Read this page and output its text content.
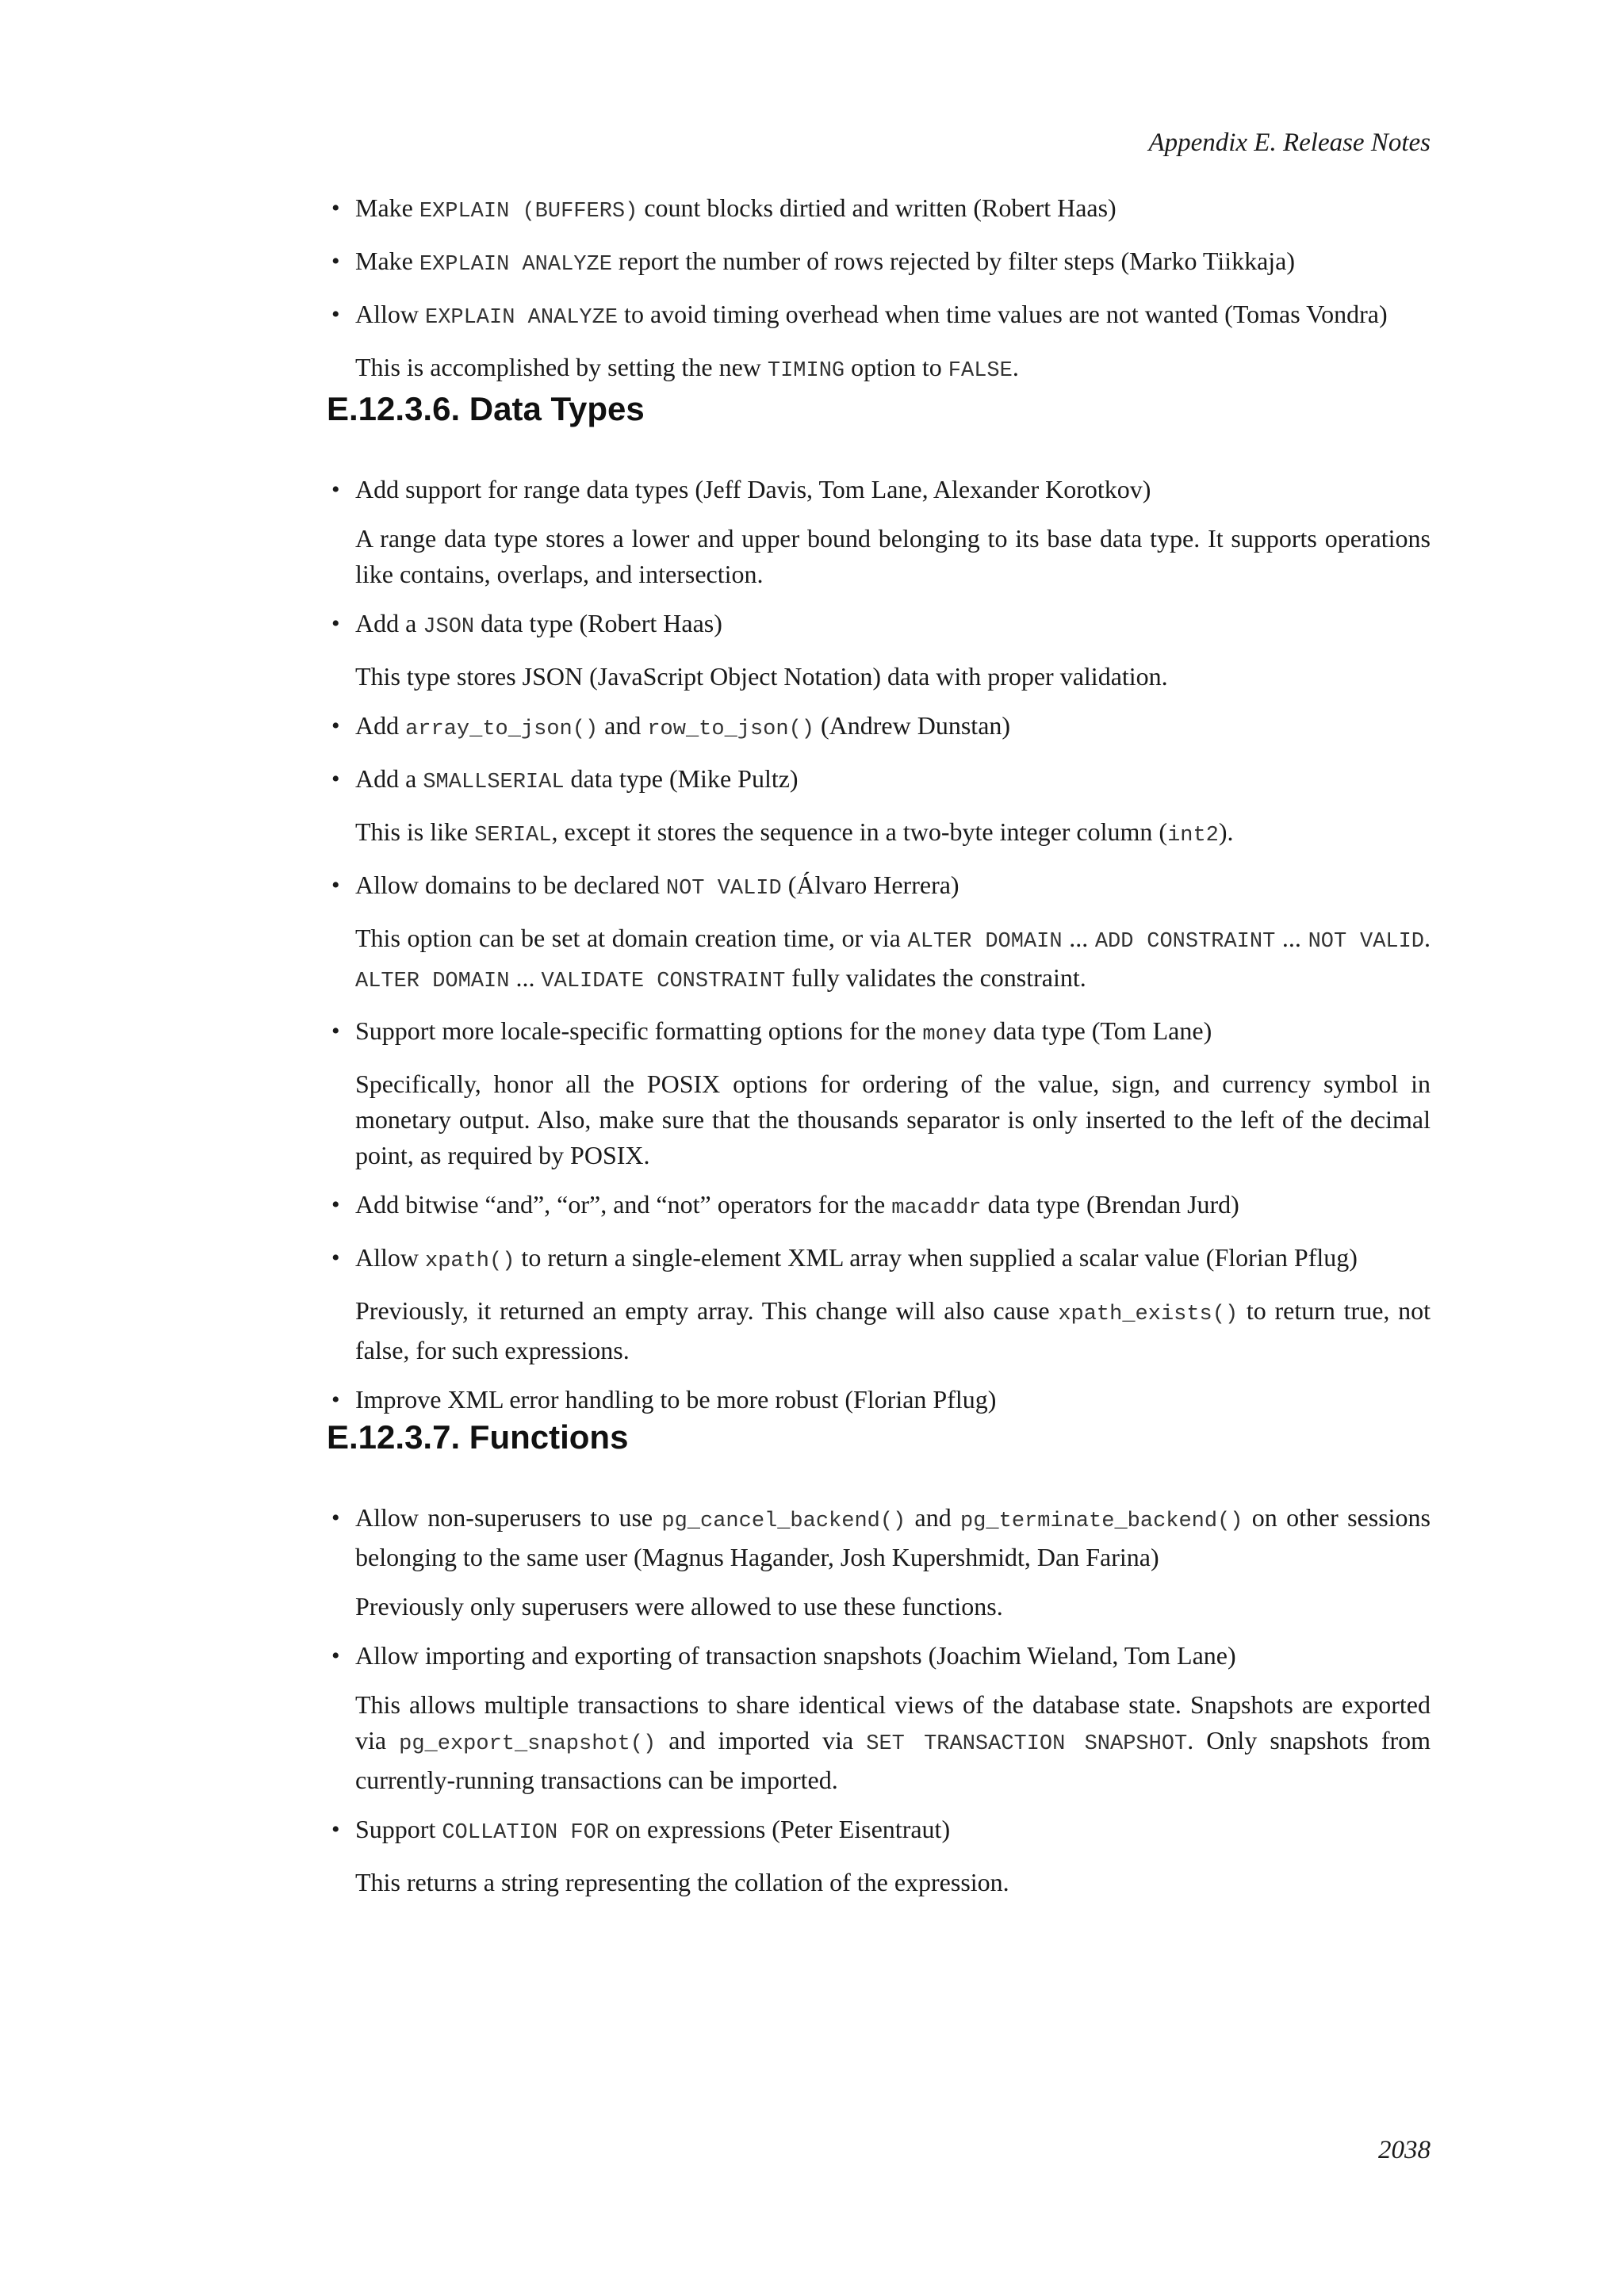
Appendix E. Release Notes
• Make EXPLAIN (BUFFERS) count blocks dirtied and written (Robert Haas)

• Make EXPLAIN ANALYZE report the number of rows rejected by filter steps (Marko Tiikkaja)

• Allow EXPLAIN ANALYZE to avoid timing overhead when time values are not wanted (Tomas Vondra)

This is accomplished by setting the new TIMING option to FALSE.

E.12.3.6. Data Types
• Add support for range data types (Jeff Davis, Tom Lane, Alexander Korotkov)

A range data type stores a lower and upper bound belonging to its base data type. It supports operations like contains, overlaps, and intersection.

• Add a JSON data type (Robert Haas)

This type stores JSON (JavaScript Object Notation) data with proper validation.

• Add array_to_json() and row_to_json() (Andrew Dunstan)

• Add a SMALLSERIAL data type (Mike Pultz)

This is like SERIAL, except it stores the sequence in a two-byte integer column (int2).

• Allow domains to be declared NOT VALID (Álvaro Herrera)

This option can be set at domain creation time, or via ALTER DOMAIN ... ADD CONSTRAINT ... NOT VALID. ALTER DOMAIN ... VALIDATE CONSTRAINT fully validates the constraint.

• Support more locale-specific formatting options for the money data type (Tom Lane)

Specifically, honor all the POSIX options for ordering of the value, sign, and currency symbol in monetary output. Also, make sure that the thousands separator is only inserted to the left of the decimal point, as required by POSIX.

• Add bitwise “and”, “or”, and “not” operators for the macaddr data type (Brendan Jurd)

• Allow xpath() to return a single-element XML array when supplied a scalar value (Florian Pflug)

Previously, it returned an empty array. This change will also cause xpath_exists() to return true, not false, for such expressions.

• Improve XML error handling to be more robust (Florian Pflug)

E.12.3.7. Functions
• Allow non-superusers to use pg_cancel_backend() and pg_terminate_backend() on other sessions belonging to the same user (Magnus Hagander, Josh Kupershmidt, Dan Farina)

Previously only superusers were allowed to use these functions.

• Allow importing and exporting of transaction snapshots (Joachim Wieland, Tom Lane)

This allows multiple transactions to share identical views of the database state. Snapshots are exported via pg_export_snapshot() and imported via SET TRANSACTION SNAPSHOT. Only snapshots from currently-running transactions can be imported.

• Support COLLATION FOR on expressions (Peter Eisentraut)

This returns a string representing the collation of the expression.

2038
